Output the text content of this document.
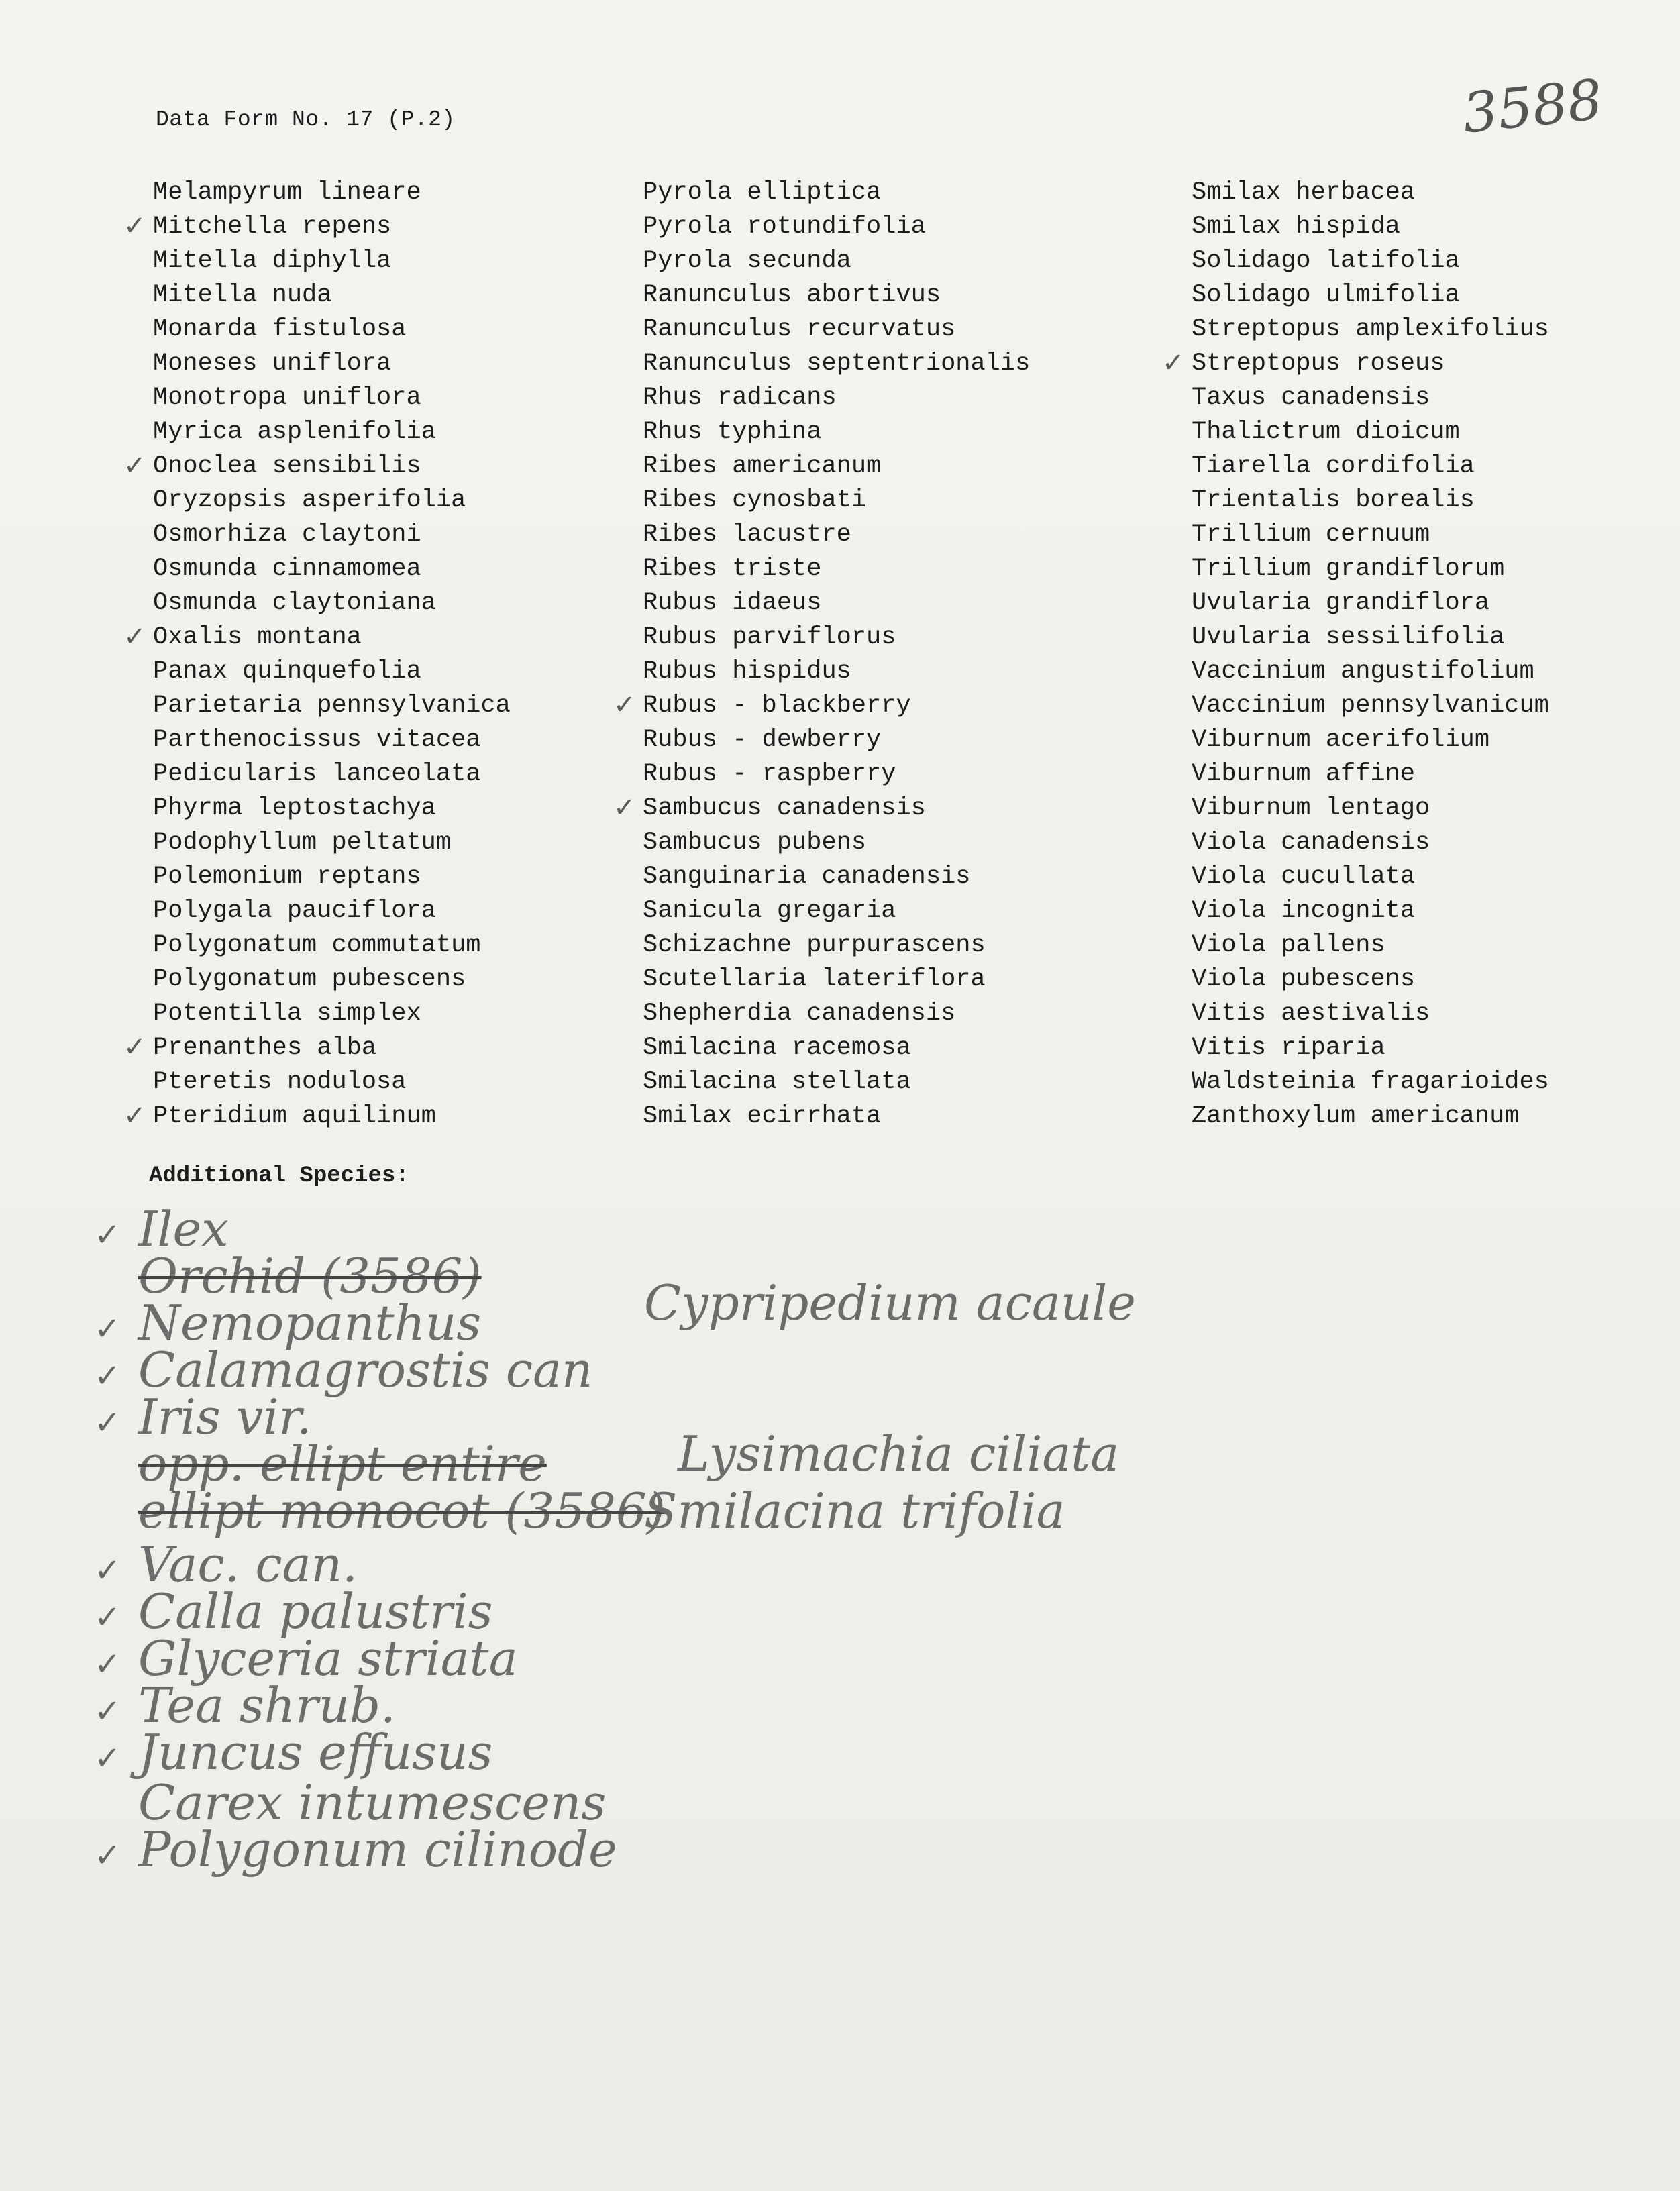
Data Form No. 17 (P.2)	3588
Melampyrum lineare
✓ Mitchella repens
Mitella diphylla
Mitella nuda
Monarda fistulosa
Moneses uniflora
Monotropa uniflora
Myrica asplenifolia
✓ Onoclea sensibilis
Oryzopsis asperifolia
Osmorhiza claytoni
Osmunda cinnamomea
Osmunda claytoniana
✓ Oxalis montana
Panax quinquefolia
Parietaria pennsylvanica
Parthenocissus vitacea
Pedicularis lanceolata
Phyrma leptostachya
Podophyllum peltatum
Polemonium reptans
Polygala pauciflora
Polygonatum commutatum
Polygonatum pubescens
Potentilla simplex
✓ Prenanthes alba
Pteretis nodulosa
✓ Pteridium aquilinum
Pyrola elliptica
Pyrola rotundifolia
Pyrola secunda
Ranunculus abortivus
Ranunculus recurvatus
Ranunculus septentrionalis
Rhus radicans
Rhus typhina
Ribes americanum
Ribes cynosbati
Ribes lacustre
Ribes triste
Rubus idaeus
Rubus parviflorus
Rubus hispidus
✓ Rubus - blackberry
Rubus - dewberry
Rubus - raspberry
✓ Sambucus canadensis
Sambucus pubens
Sanguinaria canadensis
Sanicula gregaria
Schizachne purpurascens
Scutellaria lateriflora
Shepherdia canadensis
Smilacina racemosa
Smilacina stellata
Smilax ecirrhata
Smilax herbacea
Smilax hispida
Solidago latifolia
Solidago ulmifolia
Streptopus amplexifolius
✓ Streptopus roseus
Taxus canadensis
Thalictrum dioicum
Tiarella cordifolia
Trientalis borealis
Trillium cernuum
Trillium grandiflorum
Uvularia grandiflora
Uvularia sessilifolia
Vaccinium angustifolium
Vaccinium pennsylvanicum
Viburnum acerifolium
Viburnum affine
Viburnum lentago
Viola canadensis
Viola cucullata
Viola incognita
Viola pallens
Viola pubescens
Vitis aestivalis
Vitis riparia
Waldsteinia fragarioides
Zanthoxylum americanum
Additional Species:
✓ Ilex
Orchid (3586)
✓ Nemopanthus
✓ Calamagrostis can
✓ Iris vir.
opp. ellipt entire
ellipt monocot (3586)
✓ Vac. can.
✓ Calla palustris
✓ Glyceria striata
✓ Tea shrub.
✓ Juncus effusus
Carex intumescens
✓ Polygonum cilinode
Cypripedium acaule
Lysimachia ciliata
Smilacina trifolia
